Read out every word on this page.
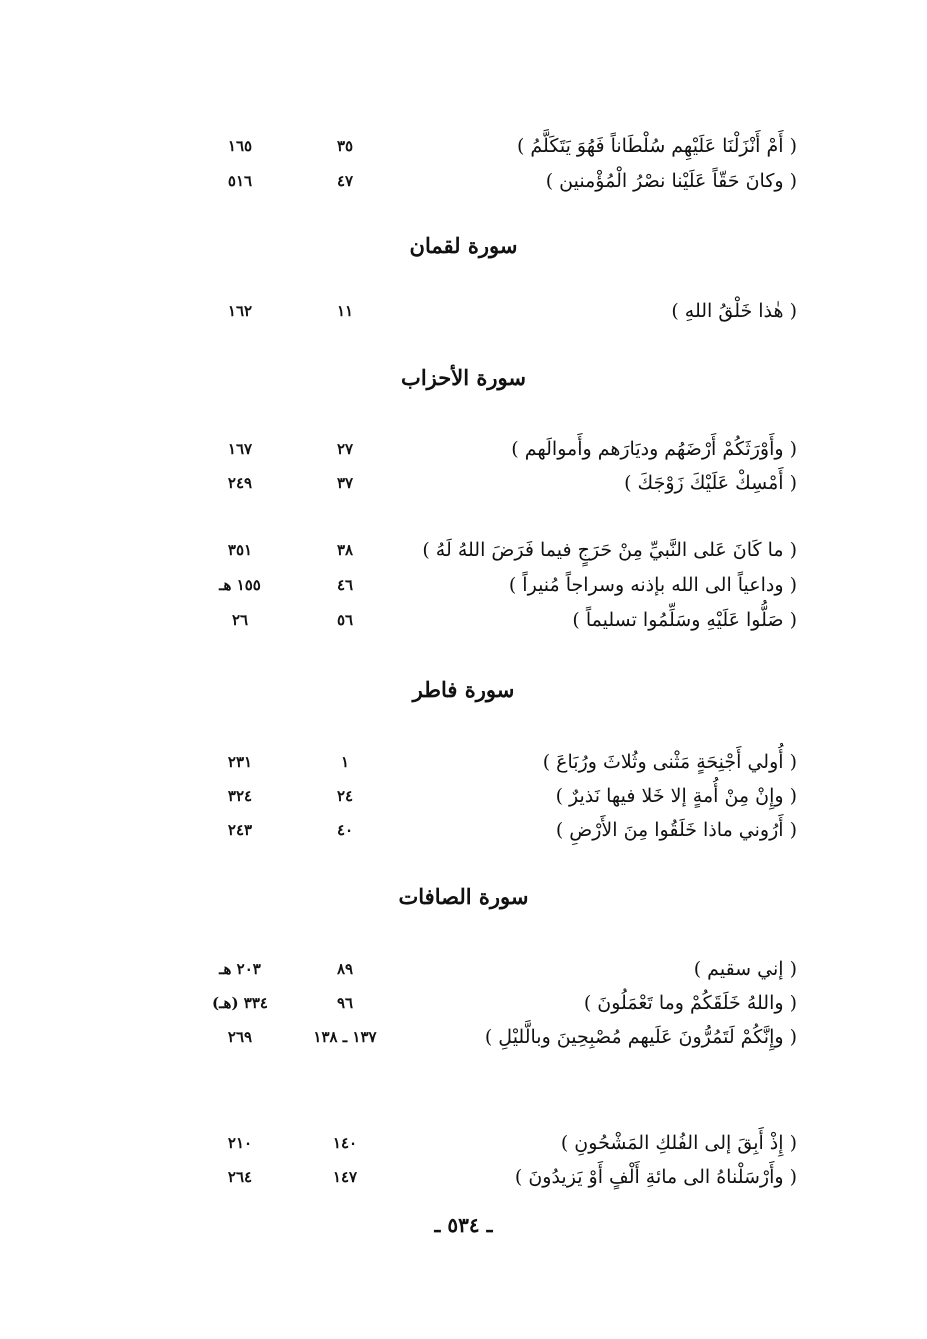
( أَمْ أَنْزَلْنَا عَلَيْهِم سُلْطَاناً فَهُوَ يَتَكَلَّمُ )
٣٥
١٦٥
( وكانَ حَقّاً عَلَيْنا نصْرُ الْمُؤْمنين )
٤٧
٥١٦
سورة لقمان
( هٰذا خَلْقُ اللهِ )
١١
١٦٢
سورة الأحزاب
( وأَوْرَثَكُمْ أَرْضَهُم وديَارَهم وأَموالَهم )
٢٧
١٦٧
( أَمْسِكْ عَلَيْكَ زَوْجَكَ )
٣٧
٢٤٩
( ما كَانَ عَلى النَّبيِّ مِنْ حَرَجٍ فيما فَرَضَ اللهُ لَهُ )
٣٨
٣٥١
( وداعياً الى الله بإذنه وسراجاً مُنيراً )
٤٦
١٥٥ هـ
( صَلُّوا عَلَيْهِ وسَلِّمُوا تسليماً )
٥٦
٢٦
سورة فاطر
( أُولي أَجْنِحَةٍ مَثْنى وثُلاثَ ورُبَاعَ )
١
٢٣١
( وإِنْ مِنْ أُمةٍ إلا خَلا فيها نَذيرٌ )
٢٤
٣٢٤
( أَرُوني ماذا خَلَقُوا مِنَ الأَرْضِ )
٤٠
٢٤٣
سورة الصافات
( إني سقيم )
٨٩
٢٠٣ هـ
( واللهُ خَلَقَكُمْ وما تَعْمَلُونَ )
٩٦
٣٣٤ (هـ)
( وإِنَّكُمْ لَتَمُرُّونَ عَلَيهم مُصْبِحِينَ وبالَّليْلِ )
١٣٧ ـ ١٣٨
٢٦٩
( إِذْ أَبِقَ إلى الفُلكِ المَشْحُونِ )
١٤٠
٢١٠
( وأَرْسَلْناهُ الى مائةِ أَلْفٍ أَوْ يَزيدُونَ )
١٤٧
٢٦٤
ـ ٥٣٤ ـ
